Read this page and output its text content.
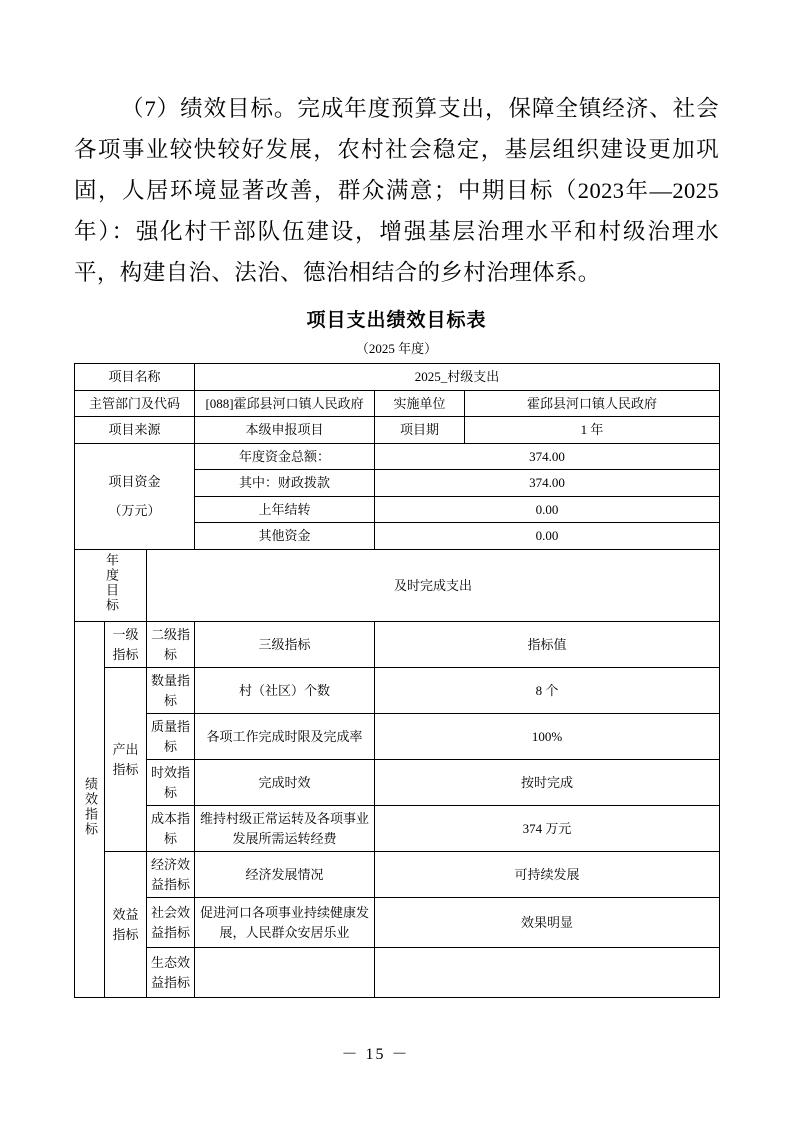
（7）绩效目标。完成年度预算支出，保障全镇经济、社会各项事业较快较好发展，农村社会稳定，基层组织建设更加巩固，人居环境显著改善，群众满意；中期目标（2023年—2025年）：强化村干部队伍建设，增强基层治理水平和村级治理水平，构建自治、法治、德治相结合的乡村治理体系。

项目支出绩效目标表
（2025 年度）
项目名称			2025_村级支出		
主管部门及代码			[088]霍邱县河口镇人民政府	实施单位	霍邱县河口镇人民政府
项目来源			本级申报项目	项目期	1 年

项目资金
（万元）			年度资金总额：	374.00	
			其中：财政拨款	374.00	
			上年结转	0.00	
			其他资金	0.00	
年度目标		及时完成支出			
绩效指标	一级指标	二级指标	三级指标	指标值	
	产出指标	数量指标	村（社区）个数	8 个	
		质量指标	各项工作完成时限及完成率	100%	
		时效指标	完成时效	按时完成	
		成本指标	维持村级正常运转及各项事业发展所需运转经费	374 万元	
	效益指标	经济效益指标	经济发展情况	可持续发展	
		社会效益指标	促进河口各项事业持续健康发展，人民群众安居乐业	效果明显	
		生态效益指标			
－ 15 －
